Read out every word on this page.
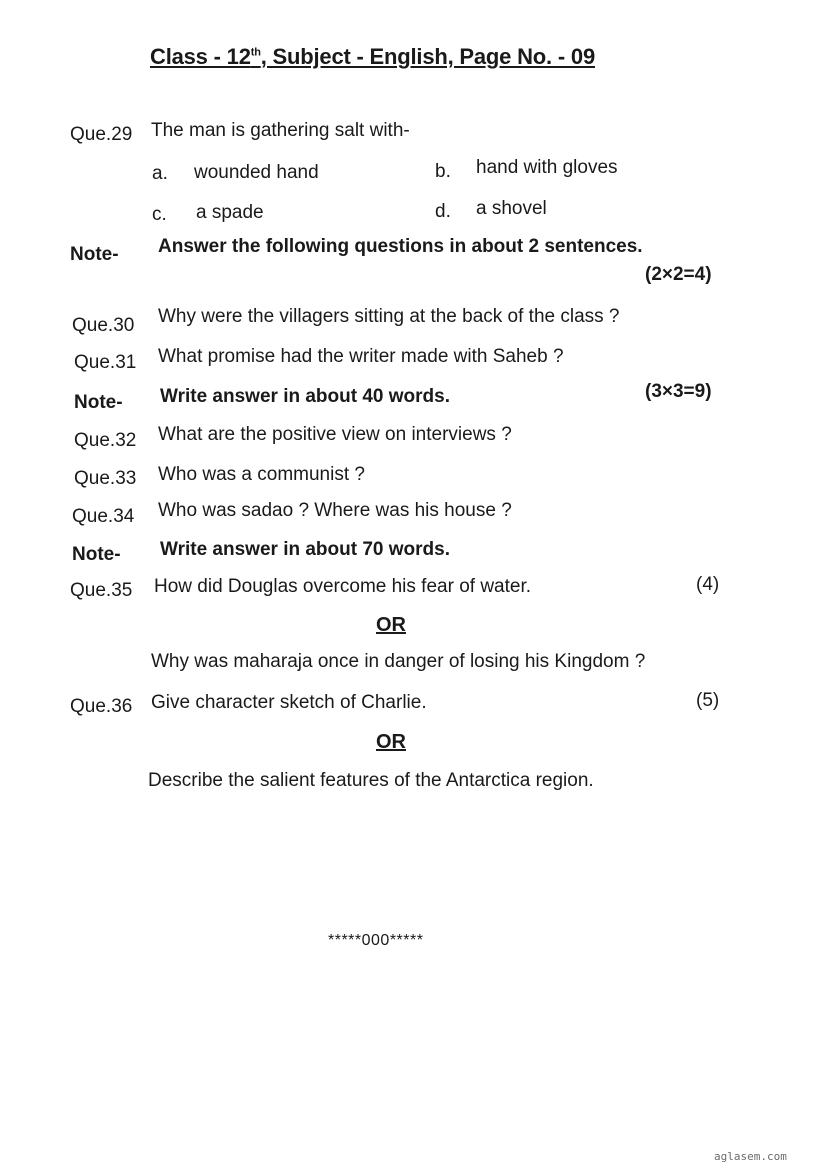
Class - 12th, Subject - English, Page No. - 09
Que.29 The man is gathering salt with-
a. wounded hand	b. hand with gloves
c. a spade	d. a shovel
Note- Answer the following questions in about 2 sentences.
(2×2=4)
Que.30 Why were the villagers sitting at the back of the class ?
Que.31 What promise had the writer made with Saheb ?
Note- Write answer in about 40 words.	(3×3=9)
Que.32 What are the positive view on interviews ?
Que.33 Who was a communist ?
Que.34 Who was sadao ? Where was his house ?
Note- Write answer in about 70 words.
Que.35 How did Douglas overcome his fear of water.	(4)
OR
Why was maharaja once in danger of losing his Kingdom ?
Que.36 Give character sketch of Charlie.	(5)
OR
Describe the salient features of the Antarctica region.
*****000*****
aglasem.com
